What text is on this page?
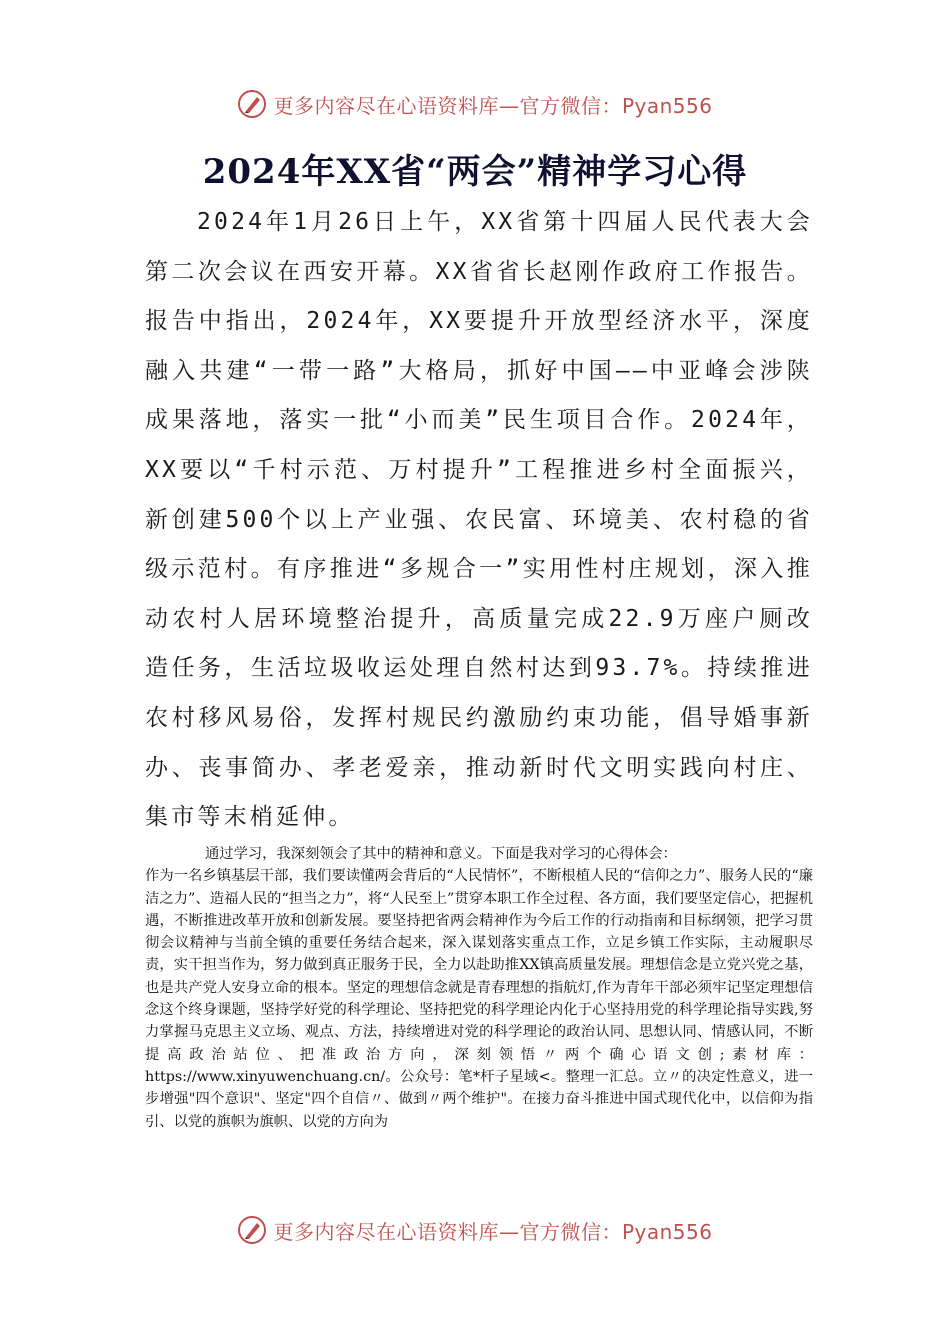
更多内容尽在心语资料库—官方微信：Pyan556
2024年XX省“两会”精神学习心得

2024年1月26日上午，XX省第十四届人民代表大会第二次会议在西安开幕。XX省省长赵刚作政府工作报告。报告中指出，2024年，XX要提升开放型经济水平，深度融入共建“一带一路”大格局，抓好中国——中亚峰会涉陕成果落地，落实一批“小而美”民生项目合作。2024年，XX要以“千村示范、万村提升”工程推进乡村全面振兴，新创建500个以上产业强、农民富、环境美、农村稳的省级示范村。有序推进“多规合一”实用性村庄规划，深入推动农村人居环境整治提升，高质量完成22.9万座户厕改造任务，生活垃圾收运处理自然村达到93.7%。持续推进农村移风易俗，发挥村规民约激励约束功能，倡导婚事新办、丧事简办、孝老爱亲，推动新时代文明实践向村庄、集市等末梢延伸。

通过学习，我深刻领会了其中的精神和意义。下面是我对学习的心得体会：

作为一名乡镇基层干部，我们要读懂两会背后的“人民情怀”，不断根植人民的“信仰之力”、服务人民的“廉洁之力”、造福人民的“担当之力”，将“人民至上”贯穿本职工作全过程、各方面，我们要坚定信心，把握机遇，不断推进改革开放和创新发展。要坚持把省两会精神作为今后工作的行动指南和目标纲领，把学习贯彻会议精神与当前全镇的重要任务结合起来，深入谋划落实重点工作，立足乡镇工作实际，主动履职尽责，实干担当作为，努力做到真正服务于民，全力以赴助推XX镇高质量发展。理想信念是立党兴党之基，也是共产党人安身立命的根本。坚定的理想信念就是青春理想的指航灯,作为青年干部必须牢记坚定理想信念这个终身课题，坚持学好党的科学理论、坚持把党的科学理论内化于心坚持用党的科学理论指导实践,努力掌握马克思主义立场、观点、方法，持续增进对党的科学理论的政治认同、思想认同、情感认同，不断提高政治站位、把准政治方向，深刻领悟〃两个确心语文创;素材库：https://www.xinyuwenchuang.cn/。公众号：笔*杆子星域<。整理一汇总。立〃的决定性意义，进一步增强"四个意识"、坚定"四个自信〃、做到〃两个维护"。在接力奋斗推进中国式现代化中，以信仰为指引、以党的旗帜为旗帜、以党的方向为

更多内容尽在心语资料库—官方微信：Pyan556
